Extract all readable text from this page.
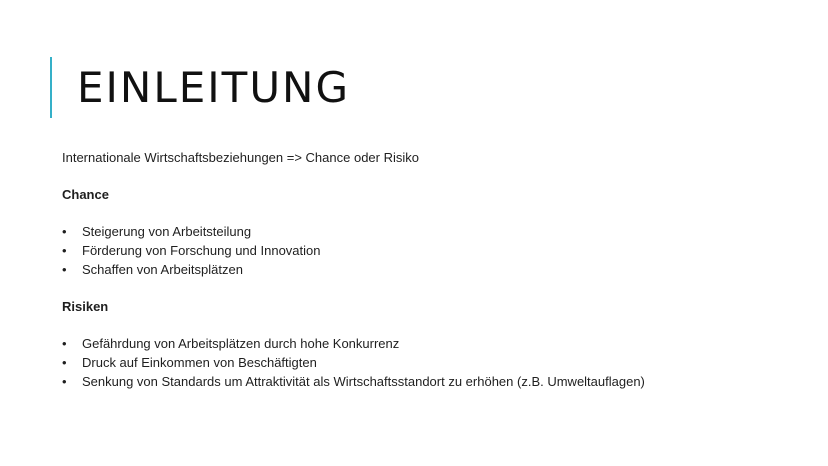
EINLEITUNG

Internationale Wirtschaftsbeziehungen => Chance oder Risiko

Chance

• Steigerung von Arbeitsteilung
• Förderung von Forschung und Innovation
• Schaffen von Arbeitsplätzen

Risiken

• Gefährdung von Arbeitsplätzen durch hohe Konkurrenz
• Druck auf Einkommen von Beschäftigten
• Senkung von Standards um Attraktivität als Wirtschaftsstandort zu erhöhen (z.B. Umweltauflagen)
